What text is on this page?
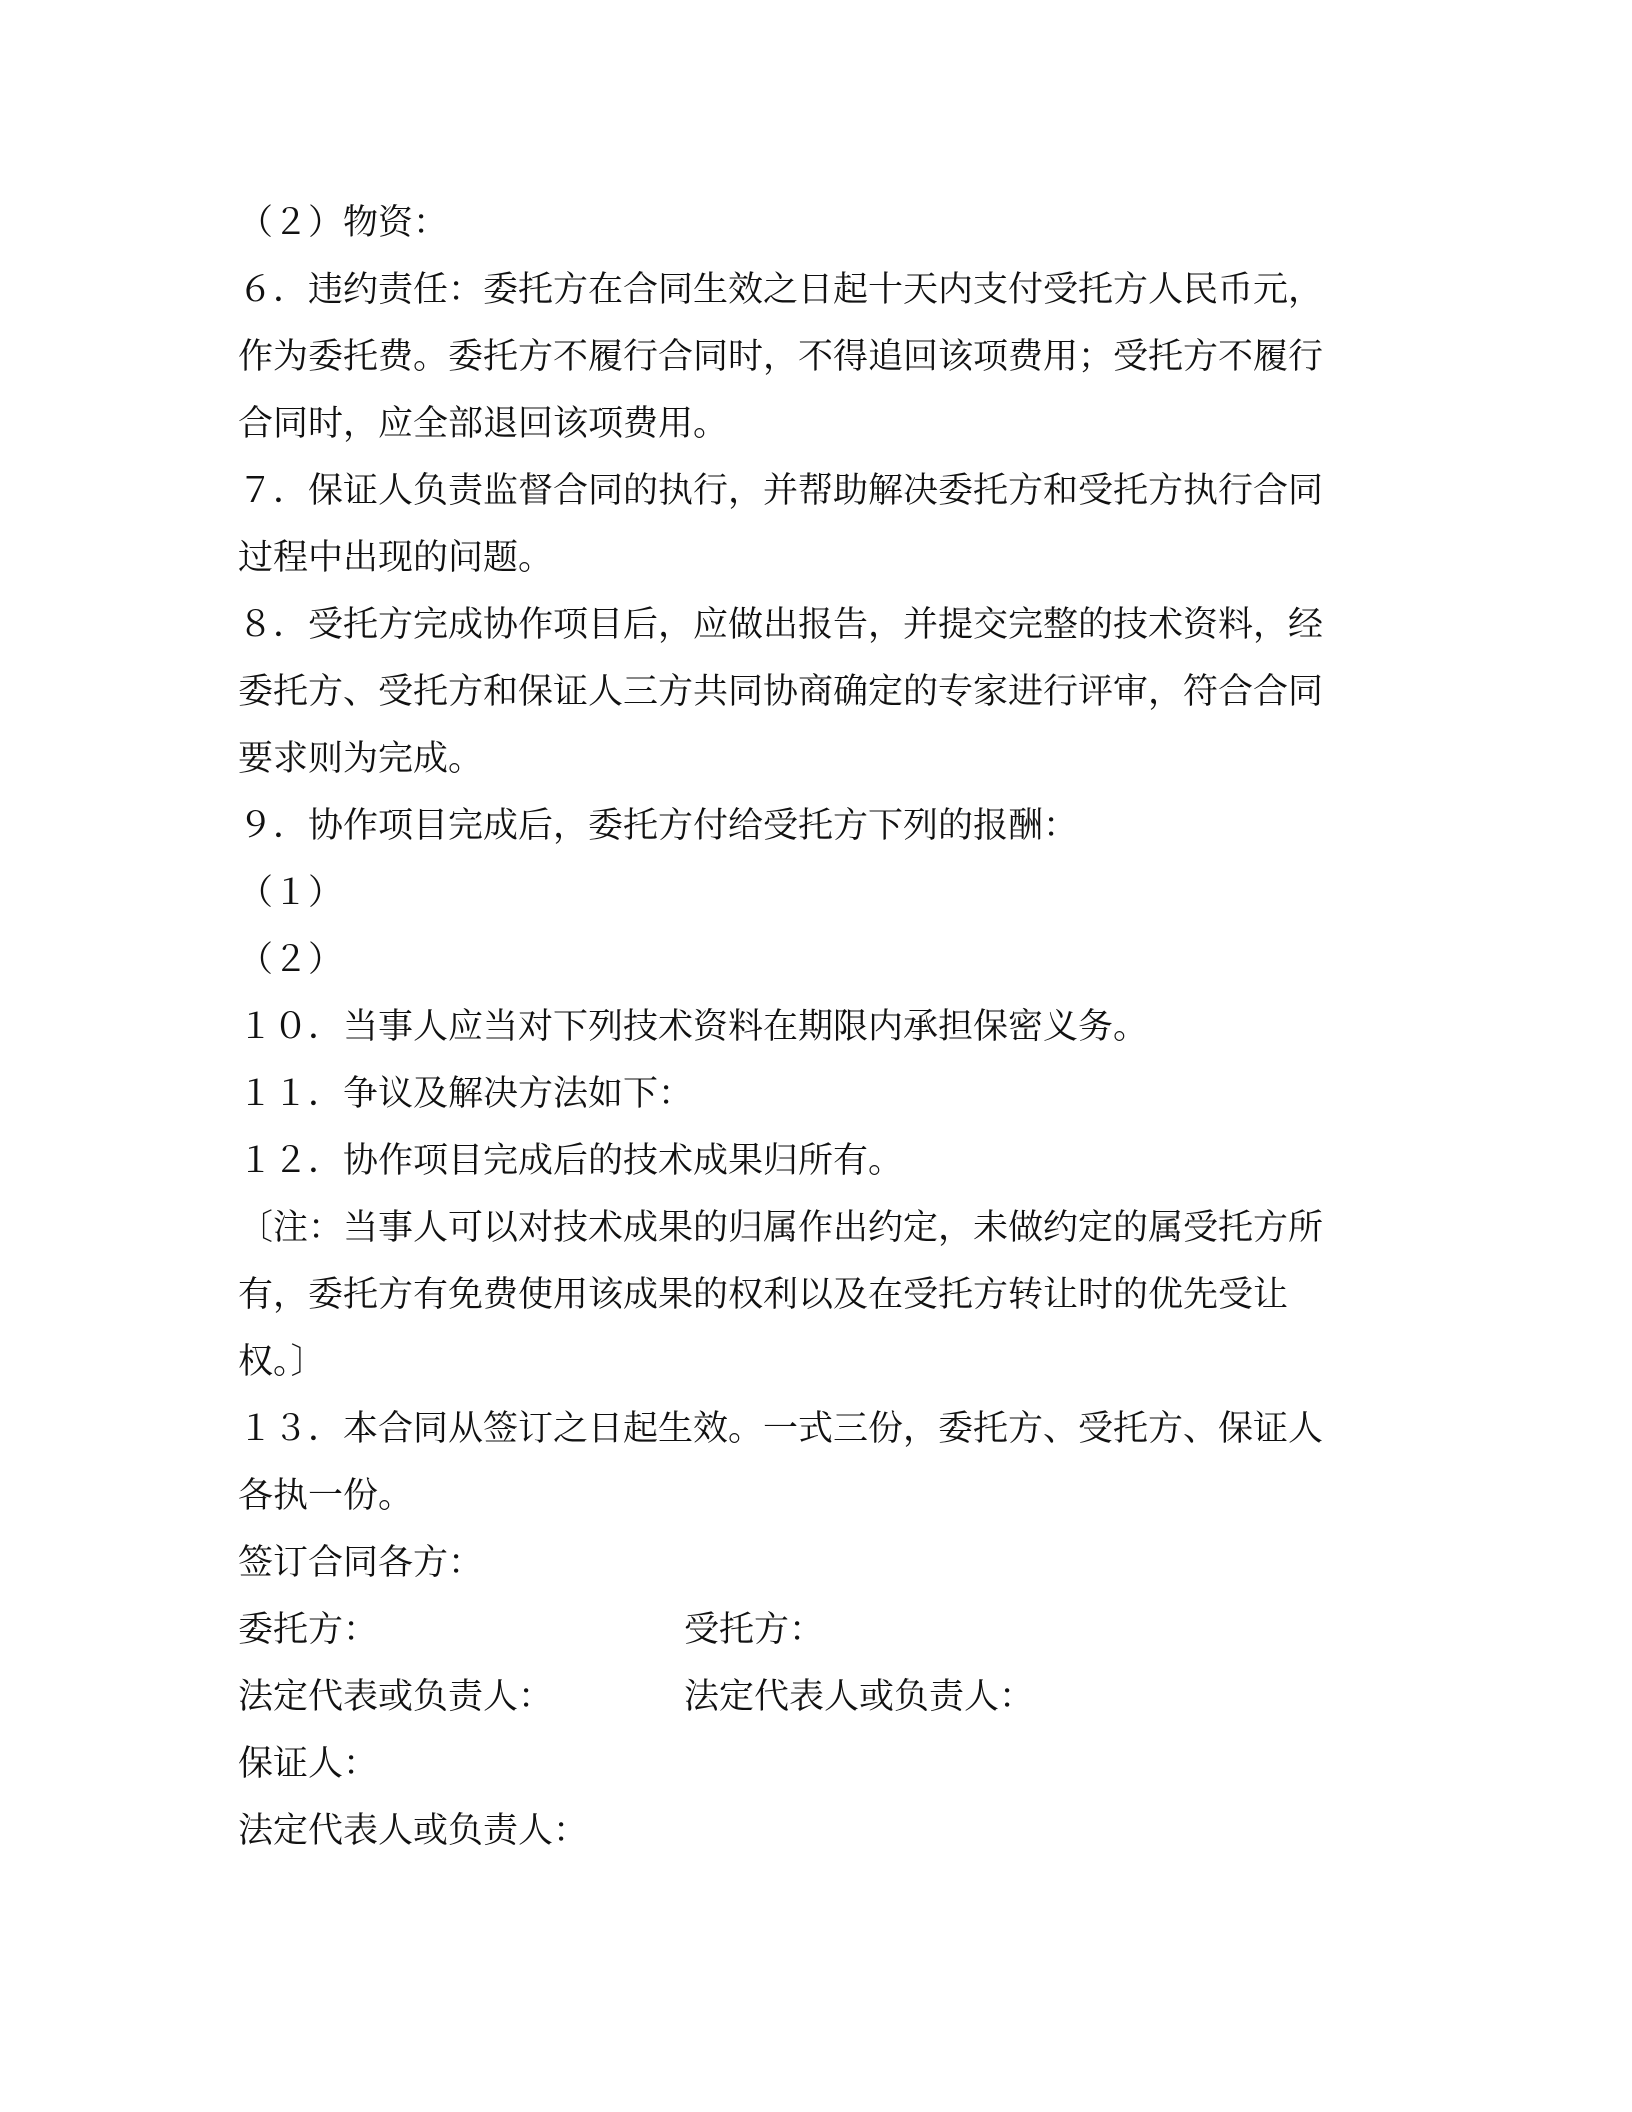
（２）物资：
６．违约责任：委托方在合同生效之日起十天内支付受托方人民币元，
作为委托费。委托方不履行合同时，不得追回该项费用；受托方不履行
合同时，应全部退回该项费用。
７．保证人负责监督合同的执行，并帮助解决委托方和受托方执行合同
过程中出现的问题。
８．受托方完成协作项目后，应做出报告，并提交完整的技术资料，经
委托方、受托方和保证人三方共同协商确定的专家进行评审，符合合同
要求则为完成。
９．协作项目完成后，委托方付给受托方下列的报酬：
（１）
（２）
１０．当事人应当对下列技术资料在期限内承担保密义务。
１１．争议及解决方法如下：
１２．协作项目完成后的技术成果归所有。
〔注：当事人可以对技术成果的归属作出约定，未做约定的属受托方所
有，委托方有免费使用该成果的权利以及在受托方转让时的优先受让
权。〕
１３．本合同从签订之日起生效。一式三份，委托方、受托方、保证人
各执一份。
签订合同各方：
委托方：	受托方：
法定代表或负责人：	法定代表人或负责人：
保证人：
法定代表人或负责人：
